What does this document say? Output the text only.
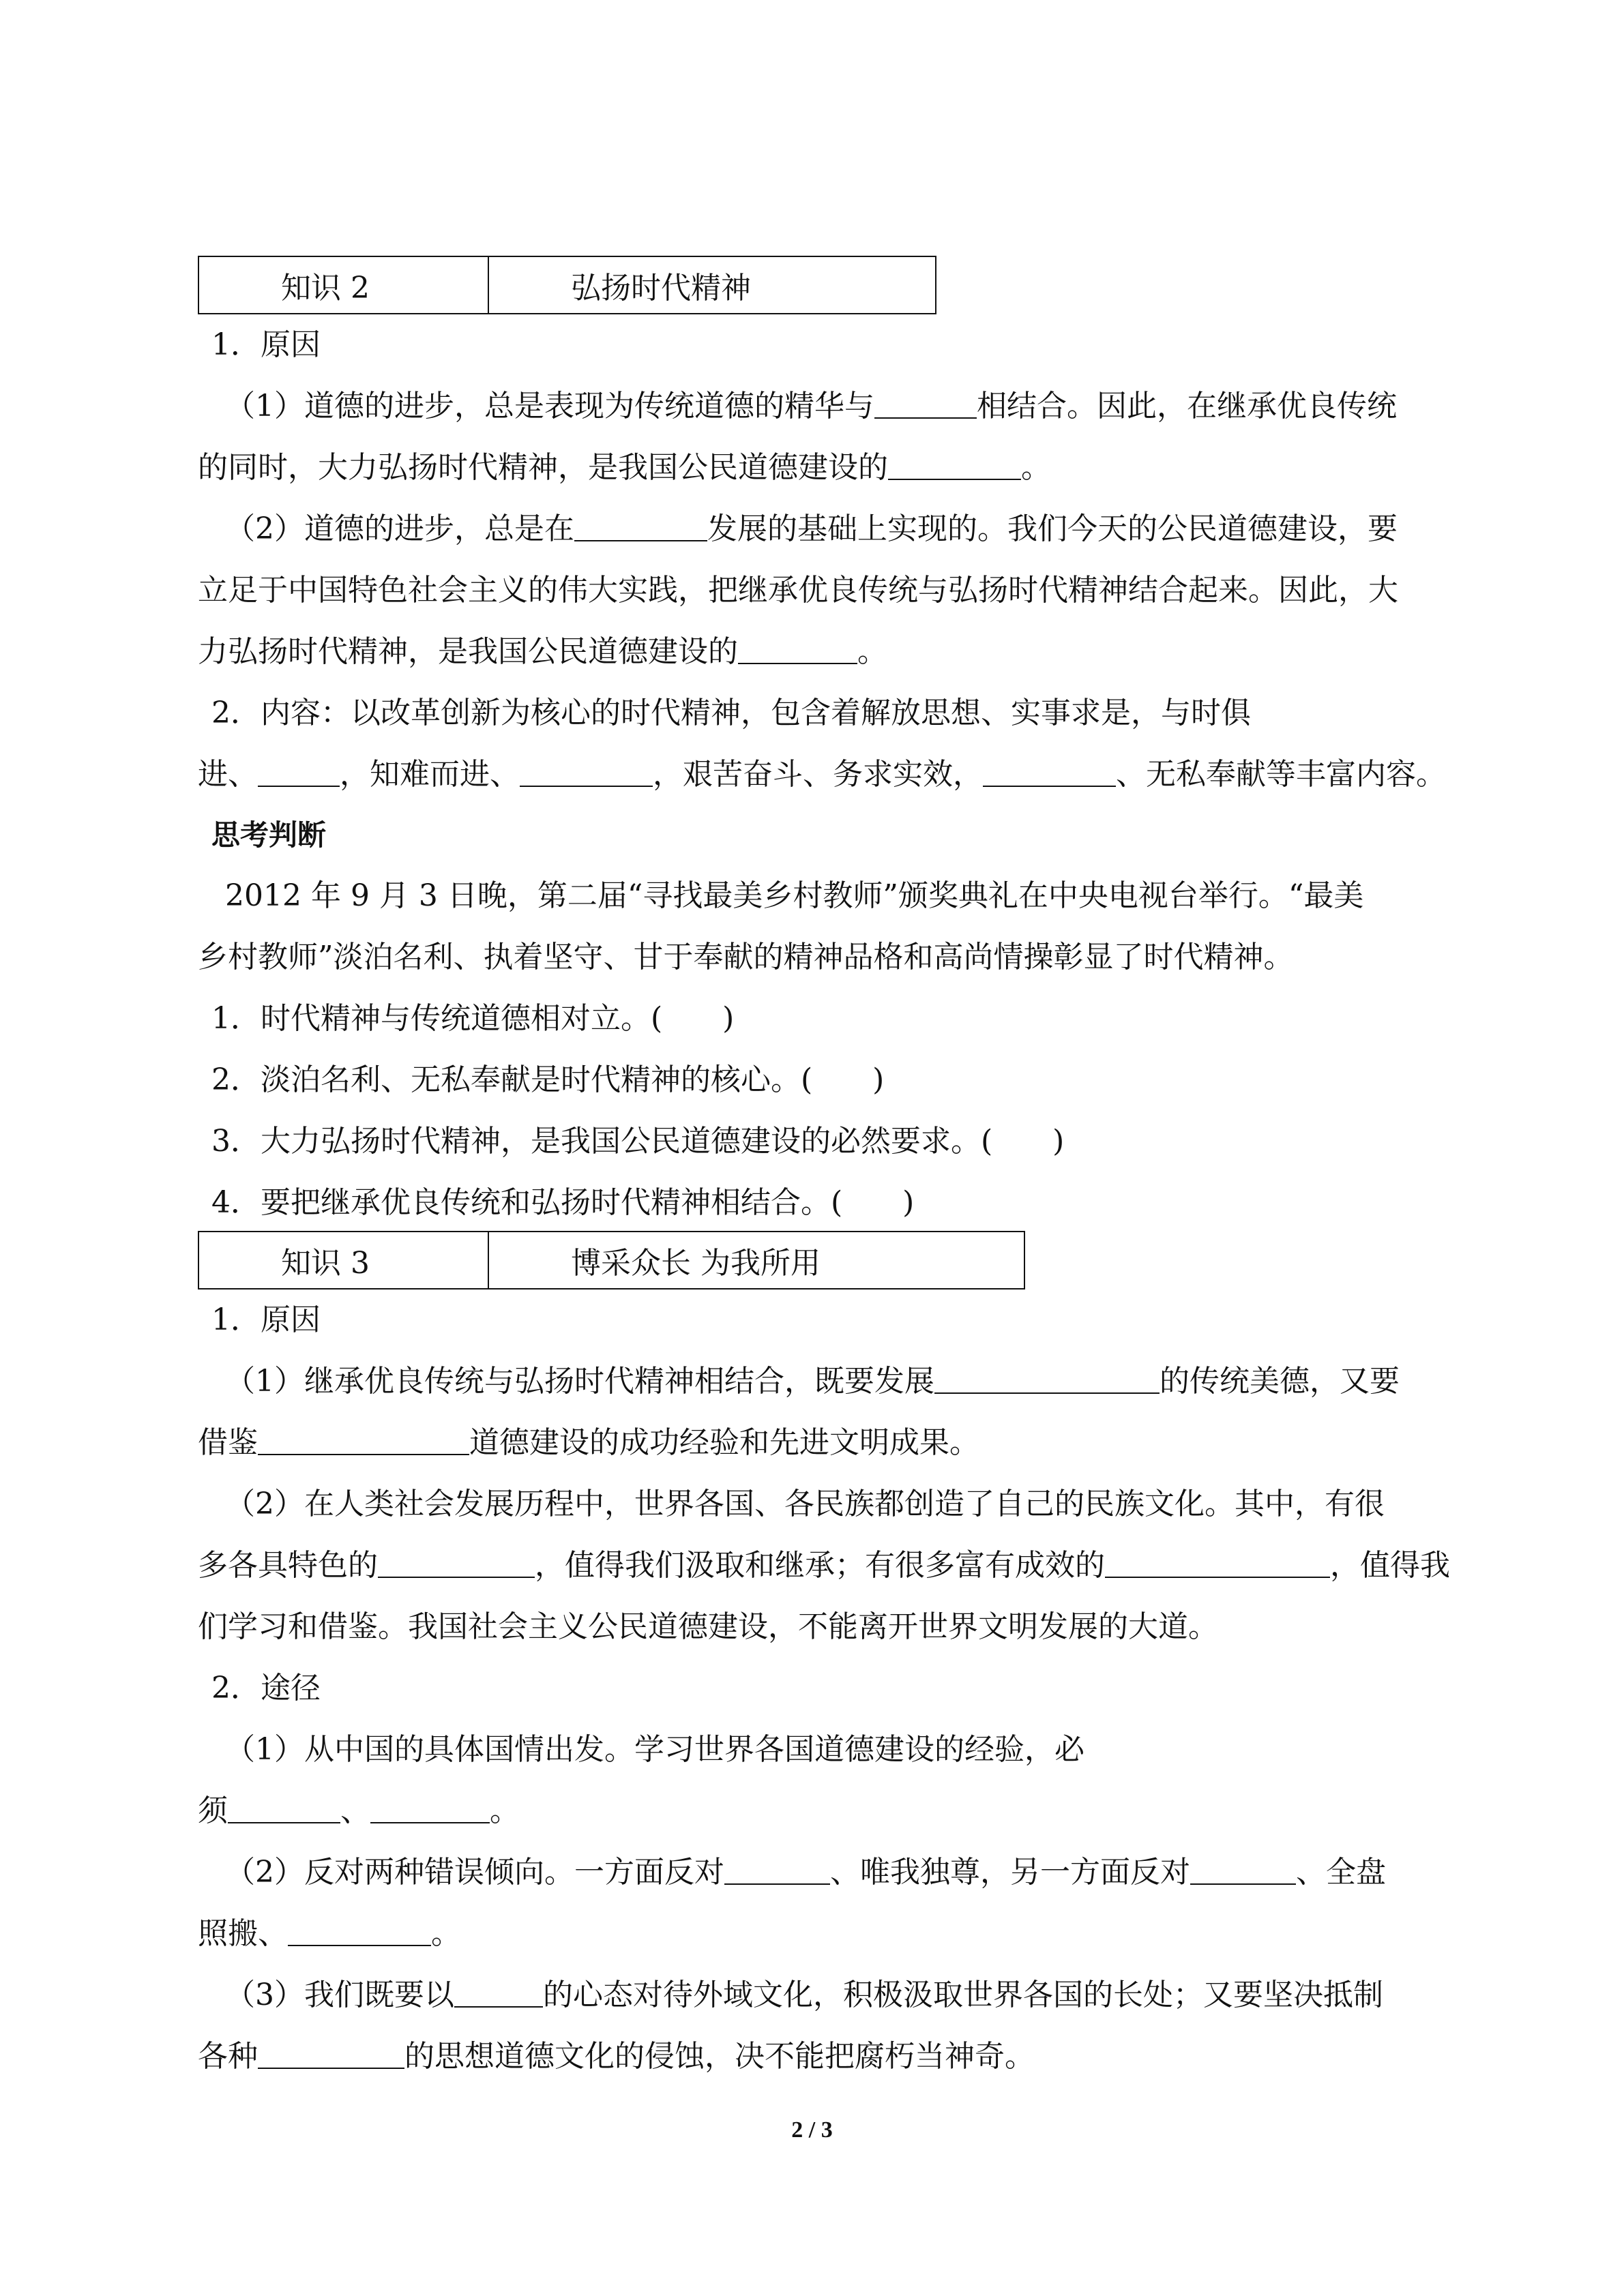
知识 2	弘扬时代精神
1．原因
（1）道德的进步，总是表现为传统道德的精华与	相结合。因此，在继承优良传统
的同时，大力弘扬时代精神，是我国公民道德建设的	。
（2）道德的进步，总是在	发展的基础上实现的。我们今天的公民道德建设，要
立足于中国特色社会主义的伟大实践，把继承优良传统与弘扬时代精神结合起来。因此，大
力弘扬时代精神，是我国公民道德建设的	。
2．内容：以改革创新为核心的时代精神，包含着解放思想、实事求是，与时俱
进、	，知难而进、	，艰苦奋斗、务求实效，	、无私奉献等丰富内容。
思考判断
2012 年 9 月 3 日晚，第二届“寻找最美乡村教师”颁奖典礼在中央电视台举行。“最美
乡村教师”淡泊名利、执着坚守、甘于奉献的精神品格和高尚情操彰显了时代精神。
1．时代精神与传统道德相对立。(　　)
2．淡泊名利、无私奉献是时代精神的核心。(　　)
3．大力弘扬时代精神，是我国公民道德建设的必然要求。(　　)
4．要把继承优良传统和弘扬时代精神相结合。(　　)
知识 3	博采众长 为我所用
1．原因
（1）继承优良传统与弘扬时代精神相结合，既要发展	的传统美德，又要
借鉴	道德建设的成功经验和先进文明成果。
（2）在人类社会发展历程中，世界各国、各民族都创造了自己的民族文化。其中，有很
多各具特色的	，值得我们汲取和继承；有很多富有成效的	，值得我
们学习和借鉴。我国社会主义公民道德建设，不能离开世界文明发展的大道。
2．途径
（1）从中国的具体国情出发。学习世界各国道德建设的经验，必
须	、	。
（2）反对两种错误倾向。一方面反对	、唯我独尊，另一方面反对	、全盘
照搬、	。
（3）我们既要以	的心态对待外域文化，积极汲取世界各国的长处；又要坚决抵制
各种	的思想道德文化的侵蚀，决不能把腐朽当神奇。
2 / 3
